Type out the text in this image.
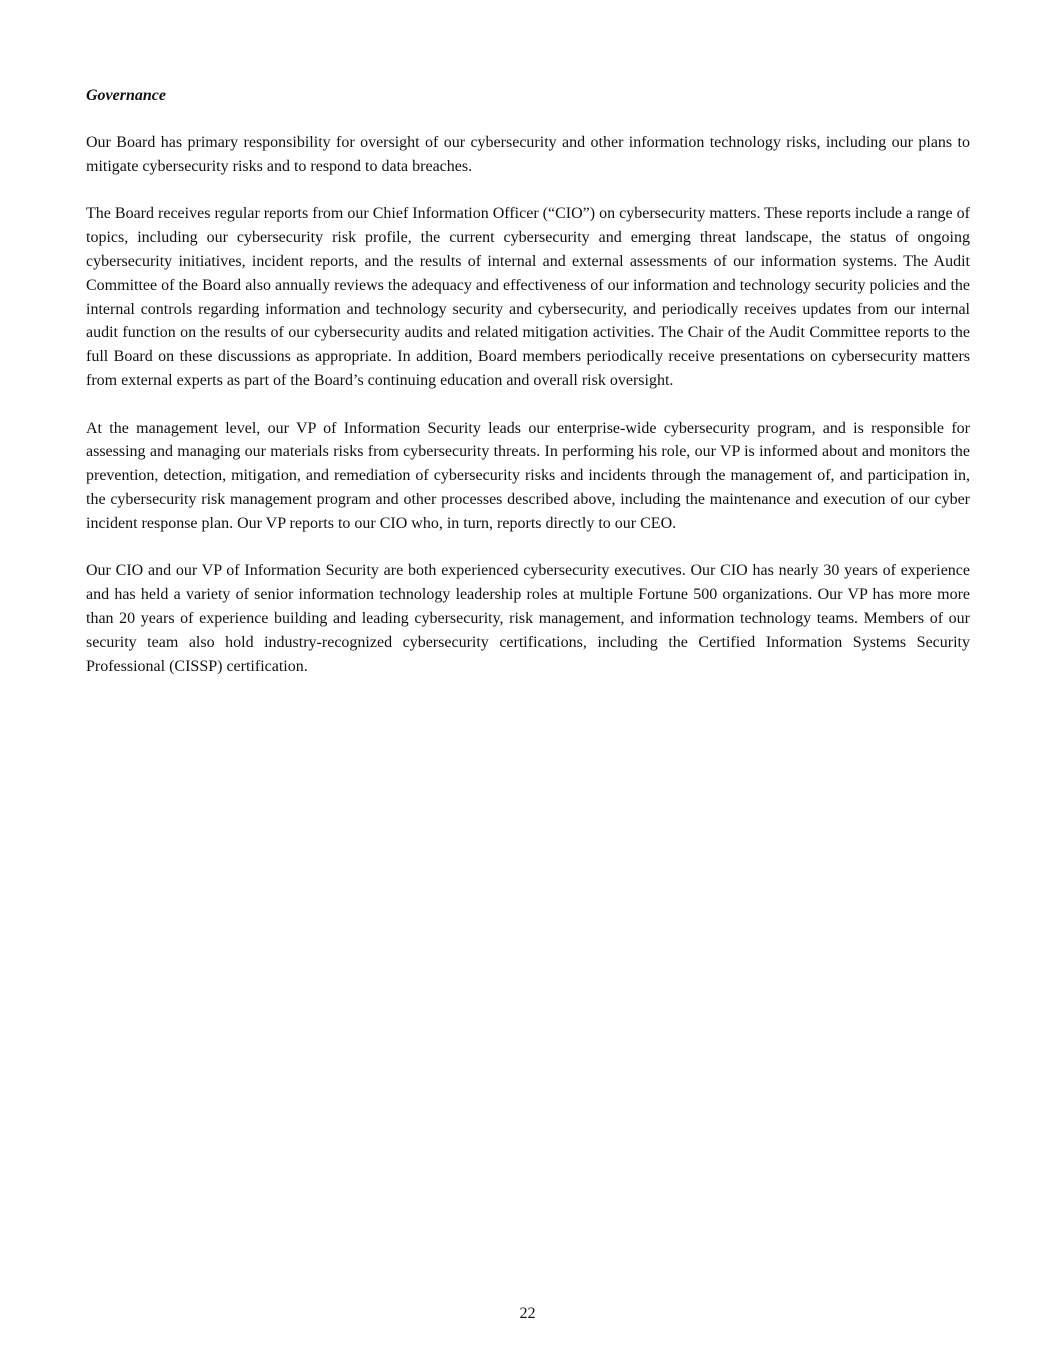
Governance

Our Board has primary responsibility for oversight of our cybersecurity and other information technology risks, including our plans to mitigate cybersecurity risks and to respond to data breaches.

The Board receives regular reports from our Chief Information Officer (“CIO”) on cybersecurity matters. These reports include a range of topics, including our cybersecurity risk profile, the current cybersecurity and emerging threat landscape, the status of ongoing cybersecurity initiatives, incident reports, and the results of internal and external assessments of our information systems. The Audit Committee of the Board also annually reviews the adequacy and effectiveness of our information and technology security policies and the internal controls regarding information and technology security and cybersecurity, and periodically receives updates from our internal audit function on the results of our cybersecurity audits and related mitigation activities. The Chair of the Audit Committee reports to the full Board on these discussions as appropriate. In addition, Board members periodically receive presentations on cybersecurity matters from external experts as part of the Board’s continuing education and overall risk oversight.

At the management level, our VP of Information Security leads our enterprise-wide cybersecurity program, and is responsible for assessing and managing our materials risks from cybersecurity threats. In performing his role, our VP is informed about and monitors the prevention, detection, mitigation, and remediation of cybersecurity risks and incidents through the management of, and participation in, the cybersecurity risk management program and other processes described above, including the maintenance and execution of our cyber incident response plan. Our VP reports to our CIO who, in turn, reports directly to our CEO.

Our CIO and our VP of Information Security are both experienced cybersecurity executives. Our CIO has nearly 30 years of experience and has held a variety of senior information technology leadership roles at multiple Fortune 500 organizations. Our VP has more more than 20 years of experience building and leading cybersecurity, risk management, and information technology teams. Members of our security team also hold industry-recognized cybersecurity certifications, including the Certified Information Systems Security Professional (CISSP) certification.

22
